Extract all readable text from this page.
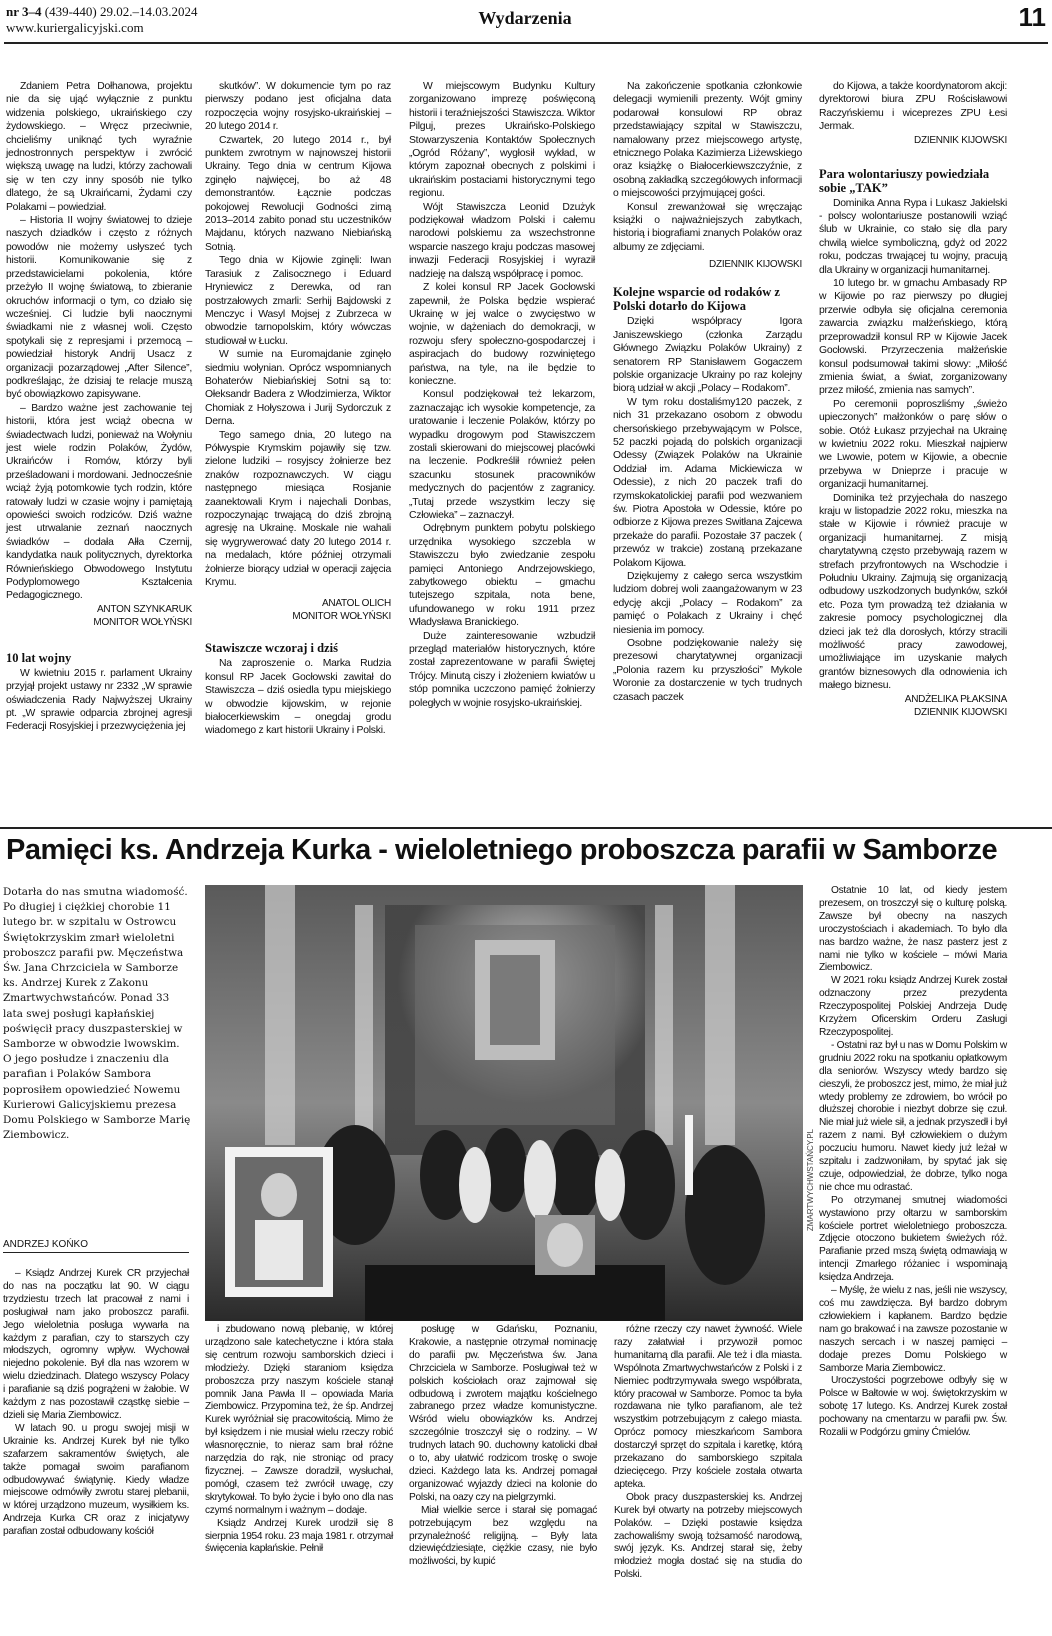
nr 3–4 (439-440) 29.02.–14.03.2024
www.kuriergalicyjski.com	Wydarzenia	11

Zdaniem Petra Dołhanowa, projektu nie da się ująć wyłącznie z punktu widzenia polskiego, ukraińskiego czy żydowskiego. – Wręcz przeciwnie, chcieliśmy uniknąć tych wyraźnie jednostronnych perspektyw i zwrócić większą uwagę na ludzi, którzy zachowali się w ten czy inny sposób nie tylko dlatego, że są Ukraińcami, Żydami czy Polakami – powiedział.

– Historia II wojny światowej to dzieje naszych dziadków i często z różnych powodów nie możemy usłyszeć tych historii. Komunikowanie się z przedstawicielami pokolenia, które przeżyło II wojnę światową, to zbieranie okruchów informacji o tym, co działo się wcześniej. Ci ludzie byli naocznymi świadkami nie z własnej woli. Często spotykali się z represjami i przemocą – powiedział historyk Andrij Usacz z organizacji pozarządowej „After Silence”, podkreślając, że dzisiaj te relacje muszą być obowiązkowo zapisywane.

– Bardzo ważne jest zachowanie tej historii, która jest wciąż obecna w świadectwach ludzi, ponieważ na Wołyniu jest wiele rodzin Polaków, Żydów, Ukraińców i Romów, którzy byli prześladowani i mordowani. Jednocześnie wciąż żyją potomkowie tych rodzin, które ratowały ludzi w czasie wojny i pamiętają opowieści swoich rodziców. Dziś ważne jest utrwalanie zeznań naocznych świadków – dodała Ałła Czernij, kandydatka nauk politycznych, dyrektorka Równieńskiego Obwodowego Instytutu Podyplomowego Kształcenia Pedagogicznego.

ANTON SZYNKARUK
MONITOR WOŁYŃSKI
10 lat wojny

W kwietniu 2015 r. parlament Ukrainy przyjął projekt ustawy nr 2332 „W sprawie oświadczenia Rady Najwyższej Ukrainy pt. „W sprawie odparcia zbrojnej agresji Federacji Rosyjskiej i przezwyciężenia jej

skutków”. W dokumencie tym po raz pierwszy podano jest oficjalna data rozpoczęcia wojny rosyjsko-ukraińskiej – 20 lutego 2014 r.

Czwartek, 20 lutego 2014 r., był punktem zwrotnym w najnowszej historii Ukrainy. Tego dnia w centrum Kijowa zginęło najwięcej, bo aż 48 demonstrantów. Łącznie podczas pokojowej Rewolucji Godności zimą 2013–2014 zabito ponad stu uczestników Majdanu, których nazwano Niebiańską Sotnią.

Tego dnia w Kijowie zginęli: Iwan Tarasiuk z Zalisocznego i Eduard Hryniewicz z Derewka, od ran postrzałowych zmarli: Serhij Bajdowski z Menczyc i Wasyl Mojsej z Zubrzeca w obwodzie tarnopolskim, który wówczas studiował w Łucku.

W sumie na Euromajdanie zginęło siedmiu wołynian. Oprócz wspomnianych Bohaterów Niebiańskiej Sotni są to: Ołeksandr Badera z Włodzimierza, Wiktor Chomiak z Hołyszowa i Jurij Sydorczuk z Derna.

Tego samego dnia, 20 lutego na Półwyspie Krymskim pojawiły się tzw. zielone ludziki – rosyjscy żołnierze bez znaków rozpoznawczych. W ciągu następnego miesiąca Rosjanie zaanektowali Krym i najechali Donbas, rozpoczynając trwającą do dziś zbrojną agresję na Ukrainę. Moskale nie wahali się wygrywerować daty 20 lutego 2014 r. na medalach, które później otrzymali żołnierze biorący udział w operacji zajęcia Krymu.

ANATOL OLICH
MONITOR WOŁYŃSKI
Stawiszcze wczoraj i dziś

Na zaproszenie o. Marka Rudzia konsul RP Jacek Gocłowski zawitał do Stawiszcza – dziś osiedla typu miejskiego w obwodzie kijowskim, w rejonie białocerkiewskim – onegdaj grodu wiadomego z kart historii Ukrainy i Polski.

W miejscowym Budynku Kultury zorganizowano imprezę poświęconą historii i teraźniejszości Stawiszcza. Wiktor Pilguj, prezes Ukraińsko-Polskiego Stowarzyszenia Kontaktów Społecznych „Ogród Różany”, wygłosił wykład, w którym zapoznał obecnych z polskimi i ukraińskim postaciami historycznymi tego regionu.

Wójt Stawiszcza Leonid Dzużyk podziękował władzom Polski i całemu narodowi polskiemu za wszechstronne wsparcie naszego kraju podczas masowej inwazji Federacji Rosyjskiej i wyraził nadzieję na dalszą współpracę i pomoc.

Z kolei konsul RP Jacek Gocłowski zapewnił, że Polska będzie wspierać Ukrainę w jej walce o zwycięstwo w wojnie, w dążeniach do demokracji, w rozwoju sfery społeczno-gospodarczej i aspiracjach do budowy rozwiniętego państwa, na tyle, na ile będzie to konieczne.

Konsul podziękował też lekarzom, zaznaczając ich wysokie kompetencje, za uratowanie i leczenie Polaków, którzy po wypadku drogowym pod Stawiszczem zostali skierowani do miejscowej placówki na leczenie. Podkreślił również pełen szacunku stosunek pracowników medycznych do pacjentów z zagranicy. „Tutaj przede wszystkim leczy się Człowieka” – zaznaczył.

Odrębnym punktem pobytu polskiego urzędnika wysokiego szczebla w Stawiszczu było zwiedzanie zespołu pamięci Antoniego Andrzejowskiego, zabytkowego obiektu – gmachu tutejszego szpitala, nota bene, ufundowanego w roku 1911 przez Władysława Branickiego.

Duże zainteresowanie wzbudził przegląd materiałów historycznych, które został zaprezentowane w parafii Świętej Trójcy. Minutą ciszy i złożeniem kwiatów u stóp pomnika uczczono pamięć żołnierzy poległych w wojnie rosyjsko-ukraińskiej.

Na zakończenie spotkania członkowie delegacji wymienili prezenty. Wójt gminy podarował konsulowi RP obraz przedstawiający szpital w Stawiszczu, namalowany przez miejscowego artystę, etnicznego Polaka Kazimierza Liżewskiego oraz książkę o Białocerkiewszczyźnie, z osobną zakładką szczegółowych informacji o miejscowości przyjmującej gości.

Konsul zrewanżował się wręczając książki o najważniejszych zabytkach, historią i biografiami znanych Polaków oraz albumy ze zdjęciami.

DZIENNIK KIJOWSKI
Kolejne wsparcie od rodaków z Polski dotarło do Kijowa

Dzięki współpracy Igora Janiszewskiego (członka Zarządu Głównego Związku Polaków Ukrainy) z senatorem RP Stanisławem Gogaczem polskie organizacje Ukrainy po raz kolejny biorą udział w akcji „Polacy – Rodakom”.

W tym roku dostaliśmy120 paczek, z nich 31 przekazano osobom z obwodu chersońskiego przebywającym w Polsce, 52 paczki pojadą do polskich organizacji Odessy (Związek Polaków na Ukrainie Oddział im. Adama Mickiewicza w Odessie), z nich 20 paczek trafi do rzymskokatolickiej parafii pod wezwaniem św. Piotra Apostoła w Odessie, które po odbiorze z Kijowa prezes Switłana Zajcewa przekaże do parafii. Pozostałe 37 paczek ( przewóz w trakcie) zostaną przekazane Polakom Kijowa.

Dziękujemy z całego serca wszystkim ludziom dobrej woli zaangażowanym w 23 edycję akcji „Polacy – Rodakom” za pamięć o Polakach z Ukrainy i chęć niesienia im pomocy.

Osobne podziękowanie należy się prezesowi charytatywnej organizacji „Polonia razem ku przyszłości” Mykole Woronie za dostarczenie w tych trudnych czasach paczek

do Kijowa, a także koordynatorom akcji: dyrektorowi biura ZPU Rościsławowi Raczyńskiemu i wiceprezes ZPU Łesi Jermak.

DZIENNIK KIJOWSKI
Para wolontariuszy powiedziała sobie „TAK”

Dominika Anna Rypa i Lukasz Jakielski - polscy wolontariusze postanowili wziąć ślub w Ukrainie, co stało się dla pary chwilą wielce symboliczną, gdyż od 2022 roku, podczas trwającej tu wojny, pracują dla Ukrainy w organizacji humanitarnej.

10 lutego br. w gmachu Ambasady RP w Kijowie po raz pierwszy po długiej przerwie odbyła się oficjalna ceremonia zawarcia związku małżeńskiego, którą przeprowadził konsul RP w Kijowie Jacek Gocłowski. Przyrzeczenia małżeńskie konsul podsumował takimi słowy: „Miłość zmienia świat, a świat, zorganizowany przez miłość, zmienia nas samych”.

Po ceremonii poproszliśmy „świeżo upieczonych” małżonków o parę słów o sobie. Otóż Łukasz przyjechał na Ukrainę w kwietniu 2022 roku. Mieszkał najpierw we Lwowie, potem w Kijowie, a obecnie przebywa w Dnieprze i pracuje w organizacji humanitarnej.

Dominika też przyjechała do naszego kraju w listopadzie 2022 roku, mieszka na stałe w Kijowie i również pracuje w organizacji humanitarnej. Z misją charytatywną często przebywają razem w strefach przyfrontowych na Wschodzie i Południu Ukrainy. Zajmują się organizacją odbudowy uszkodzonych budynków, szkół etc. Poza tym prowadzą też działania w zakresie pomocy psychologicznej dla dzieci jak też dla dorosłych, którzy stracili możliwość pracy zawodowej, umożliwiające im uzyskanie małych grantów biznesowych dla odnowienia ich małego biznesu.

ANDŻELIKA PŁAKSINA
DZIENNIK KIJOWSKI
Pamięci ks. Andrzeja Kurka - wieloletniego proboszcza parafii w Samborze
Dotarła do nas smutna wiadomość. Po długiej i ciężkiej chorobie 11 lutego br. w szpitalu w Ostrowcu Świętokrzyskim zmarł wieloletni proboszcz parafii pw. Męczeństwa Św. Jana Chrzciciela w Samborze ks. Andrzej Kurek z Zakonu Zmartwychwstańców. Ponad 33 lata swej posługi kapłańskiej poświęcił pracy duszpasterskiej w Samborze w obwodzie lwowskim. O jego posłudze i znaczeniu dla parafian i Polaków Sambora poprosiłem opowiedzieć Nowemu Kurierowi Galicyjskiemu prezesa Domu Polskiego w Samborze Marię Ziembowicz.
ANDRZEJ KOŃKO
ZMARTWYCHWSTAŃCY.PL

– Ksiądz Andrzej Kurek CR przyjechał do nas na początku lat 90. W ciągu trzydziestu trzech lat pracował z nami i posługiwał nam jako proboszcz parafii. Jego wieloletnia posługa wywarła na każdym z parafian, czy to starszych czy młodszych, ogromny wpływ. Wychował niejedno pokolenie. Był dla nas wzorem w wielu dziedzinach. Dlatego wszyscy Polacy i parafianie są dziś pogrążeni w żałobie. W każdym z nas pozostawił cząstkę siebie – dzieli się Maria Ziembowicz.

W latach 90. u progu swojej misji w Ukrainie ks. Andrzej Kurek był nie tylko szafarzem sakramentów świętych, ale także pomagał swoim parafianom odbudowywać świątynię. Kiedy władze miejscowe odmówiły zwrotu starej plebanii, w której urządzono muzeum, wysiłkiem ks. Andrzeja Kurka CR oraz z inicjatywy parafian został odbudowany kościół

i zbudowano nową plebanię, w której urządzono sale katechetyczne i która stała się centrum rozwoju samborskich dzieci i młodzieży. Dzięki staraniom księdza proboszcza przy naszym kościele stanął pomnik Jana Pawła II – opowiada Maria Ziembowicz. Przypomina też, że śp. Andrzej Kurek wyróżniał się pracowitością. Mimo że był księdzem i nie musiał wielu rzeczy robić własnoręcznie, to nieraz sam brał różne narzędzia do rąk, nie stroniąc od pracy fizycznej. – Zawsze doradził, wysłuchał, pomógł, czasem też zwrócił uwagę, czy skrytykował. To było życie i było ono dla nas czymś normalnym i ważnym – dodaje.

Ksiądz Andrzej Kurek urodził się 8 sierpnia 1954 roku. 23 maja 1981 r. otrzymał święcenia kapłańskie. Pełnił

posługę w Gdańsku, Poznaniu, Krakowie, a następnie otrzymał nominację do parafii pw. Męczeństwa św. Jana Chrzciciela w Samborze. Posługiwał też w polskich kościołach oraz zajmował się odbudową i zwrotem majątku kościelnego zabranego przez władze komunistyczne. Wśród wielu obowiązków ks. Andrzej szczególnie troszczył się o rodziny. – W trudnych latach 90. duchowny katolicki dbał o to, aby ułatwić rodzicom troskę o swoje dzieci. Każdego lata ks. Andrzej pomagał organizować wyjazdy dzieci na kolonie do Polski, na oazy czy na pielgrzymki.

Miał wielkie serce i starał się pomagać potrzebującym bez względu na przynależność religijną. – Były lata dziewięćdziesiąte, ciężkie czasy, nie było możliwości, by kupić

różne rzeczy czy nawet żywność. Wiele razy załatwiał i przywoził pomoc humanitarną dla parafii. Ale też i dla miasta. Wspólnota Zmartwychwstańców z Polski i z Niemiec podtrzymywała swego współbrata, który pracował w Samborze. Pomoc ta była rozdawana nie tylko parafianom, ale też wszystkim potrzebującym z całego miasta. Oprócz pomocy mieszkańcom Sambora dostarczył sprzęt do szpitala i karetkę, którą przekazano do samborskiego szpitala dziecięcego. Przy kościele została otwarta apteka.

Obok pracy duszpasterskiej ks. Andrzej Kurek był otwarty na potrzeby miejscowych Polaków. – Dzięki postawie księdza zachowaliśmy swoją tożsamość narodową, swój język. Ks. Andrzej starał się, żeby młodzież mogła dostać się na studia do Polski.

Ostatnie 10 lat, od kiedy jestem prezesem, on troszczył się o kulturę polską. Zawsze był obecny na naszych uroczystościach i akademiach. To było dla nas bardzo ważne, że nasz pasterz jest z nami nie tylko w kościele – mówi Maria Ziembowicz.

W 2021 roku ksiądz Andrzej Kurek został odznaczony przez prezydenta Rzeczypospolitej Polskiej Andrzeja Dudę Krzyżem Oficerskim Orderu Zasługi Rzeczypospolitej.

- Ostatni raz był u nas w Domu Polskim w grudniu 2022 roku na spotkaniu opłatkowym dla seniorów. Wszyscy wtedy bardzo się cieszyli, że proboszcz jest, mimo, że miał już wtedy problemy ze zdrowiem, bo wrócił po dłuższej chorobie i niezbyt dobrze się czuł. Nie miał już wiele sił, a jednak przyszedł i był razem z nami. Był człowiekiem o dużym poczuciu humoru. Nawet kiedy już leżał w szpitalu i zadzwoniłam, by spytać jak się czuje, odpowiedział, że dobrze, tylko noga nie chce mu odrastać.

Po otrzymanej smutnej wiadomości wystawiono przy ołtarzu w samborskim kościele portret wieloletniego proboszcza. Zdjęcie otoczono bukietem świeżych róż. Parafianie przed mszą świętą odmawiają w intencji Zmarłego różaniec i wspominają księdza Andrzeja.

– Myślę, że wielu z nas, jeśli nie wszyscy, coś mu zawdzięcza. Był bardzo dobrym człowiekiem i kapłanem. Bardzo będzie nam go brakować i na zawsze pozostanie w naszych sercach i w naszej pamięci – dodaje prezes Domu Polskiego w Samborze Maria Ziembowicz.

Uroczystości pogrzebowe odbyły się w Polsce w Bałtowie w woj. świętokrzyskim w sobotę 17 lutego. Ks. Andrzej Kurek został pochowany na cmentarzu w parafii pw. Św. Rozalii w Podgórzu gminy Ćmielów.
